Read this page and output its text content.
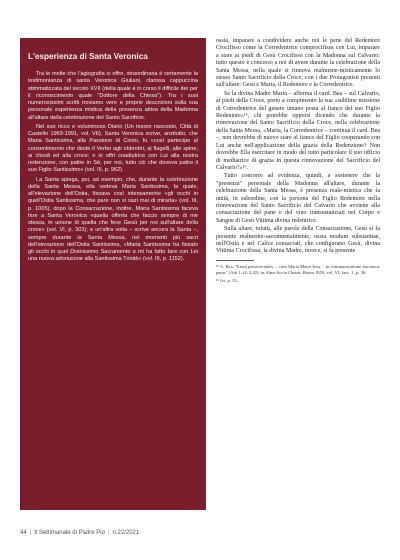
L'esperienza di Santa Veronica

Tra le molte che l'agiografia ci offre, straordinaria è certamente la testimonianza di santa Veronica Giuliani, clarissa cappuccina stimmatizzata del secolo XVII (della quale è in corso il difficile iter per il riconoscimento quale "Dottore della Chiesa"). Tra i suoi numerosissimi scritti troviamo vere e proprie descrizioni sulla sua personale esperienza mistica della presenza attiva della Madonna all'altare della celebrazione del Santo Sacrificio.

Nel suo ricco e voluminoso Diario (Un tesoro nascosto, Città di Castello 1969-1991, vol. VII), Santa Veronica scrive, anzitutto, che Maria Santissima, alla Passione di Cristo, fu «così partecipe al consentimento che diede il Verbo agli obbrobri, ai flagelli, alle spine, ai chiodi ed alla croce; e si offrì coadiutrice con Lui alla nostra redenzione, con patire in Sé, per noi, tutto ciò che doveva patire il suo Figlio Santissimo» (vol. III, p. 962).

La Santa spiega, poi, ad esempio, che, durante la celebrazione della Santa Messa, ella vedeva Maria Santissima, la quale, all'elevazione dell'Ostia, fissava così intensamente «gli occhi in quell'Ostia Santissima, che pare non si sazi mai di mirarla» (vol. III, p. 1005); dopo la Consacrazione, inoltre, Maria Santissima faceva fare a Santa Veronica «quella offerta che faccio sempre di me stessa, in unione di quella che fece Gesù per noi sull'altare della croce» (vol. VI, p. 303); e un'altra volta – scrive ancora la Santa –, sempre durante la Santa Messa, nei momenti più sacri dell'elevazione dell'Ostia Santissima, «Maria Santissima ha fissato gli occhi in quel Divinissimo Sacramento e mi ha fatto fare con Lei una nuova adorazione alla Santissima Trinità» (vol. III, p. 1152).

ossia, imparare a condividere anche noi le pene del Redentore Crocifisso come la Corredentrice comprocifissa con Lui, imparare a stare ai piedi di Gesù Crocifisso con la Madonna sul Calvario: tutto questo è concesso a noi di avere durante la celebrazione della Santa Messa, nella quale si rinnova realmente-misticamente lo stesso Santo Sacrificio della Croce, con i due Protagonisti presenti sull'altare: Gesù e Maria, il Redentore e la Corredentrice.

Se la divina Madre Maria – afferma il card. Bea – sul Calvario, ai piedi della Croce, portò a compimento la sua «sublime missione di Corredentrice del genere umano posta al fianco del suo Figlio Redentore»¹⁵, chi potrebbe opporsi dicendo che durante la rinnovazione del Santo Sacrificio della Croce, nella celebrazione della Santa Messa, «Maria, la Corredentrice – continua il card. Bea –, non dovrebbe di nuovo stare al fianco del Figlio cooperando con Lui anche nell'applicazione della grazia della Redenzione? Non dovrebbe Ella esercitare in modo del tutto particolare il suo ufficio di mediatrice di grazia in questa rinnovazione del Sacrificio del Calvario?»¹⁶.

Tutto concorre ad evidenza, quindi, a sostenere che la "presenza" personale della Madonna all'altare, durante la celebrazione della Santa Messa, è presenza reale-mistica che fa unità, in subordine, con la persona del Figlio Redentore nella rinnovazione del Santo Sacrificio del Calvario che avviene alla consacrazione del pane e del vino transustanziati nel Corpo e Sangue di Gesù Vittima divina redentrice.

Sulla altare, infatti, alle parole della Consacrazione, Gesù si fa presente realmente-sacramentalmente, ossia modum substantiae, nell'Ostia e nel Calice consacrati, che configurano Gesù, divina Vittima Crocifissa; la divina Madre, invece, si fa presente

¹⁵ A. Bea, "Erunt perseverantes… cum Maria Matre Jesu… in communicatione fractionis panis" (Atti 1,14; 2,42), in Alma Socia Christi, Roma 1950, vol. VI, fasc. 1, p. 36.

¹⁶ Ivi, p. 33.

44 | Il Settimanale di Padre Pio | n.22/2021
